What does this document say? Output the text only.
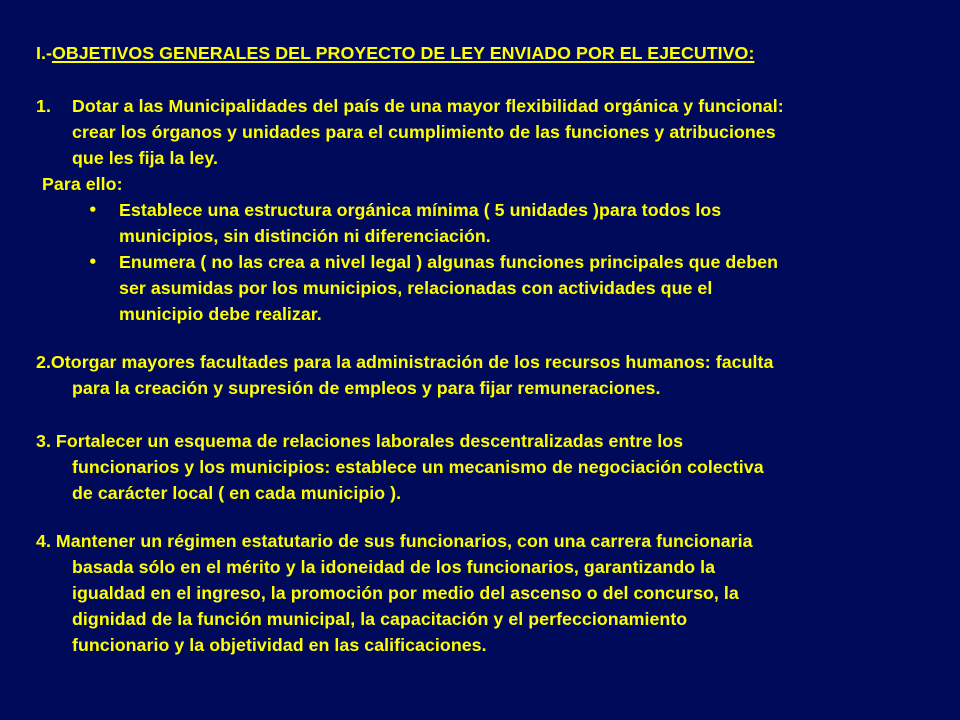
I.-OBJETIVOS GENERALES DEL PROYECTO DE LEY ENVIADO POR EL EJECUTIVO:

1. Dotar a las Municipalidades del país de una mayor flexibilidad orgánica y funcional:

crear los órganos y unidades para el cumplimiento de las funciones y atribuciones

que les fija la ley.

Para ello:

• Establece una estructura orgánica mínima ( 5 unidades )para todos los

municipios, sin distinción ni diferenciación.

• Enumera ( no las crea a nivel legal ) algunas funciones principales que deben

ser asumidas por los municipios, relacionadas con actividades que el

municipio debe realizar.

2.Otorgar mayores facultades para la administración de los recursos humanos: faculta

para la creación y supresión de empleos y para fijar remuneraciones.

3. Fortalecer un esquema de relaciones laborales descentralizadas entre los

funcionarios y los municipios: establece un mecanismo de negociación colectiva

de carácter local ( en cada municipio ).

4. Mantener un régimen estatutario de sus funcionarios, con una carrera funcionaria

basada sólo en el mérito y la idoneidad de los funcionarios, garantizando la

igualdad en el ingreso, la promoción por medio del ascenso o del concurso, la

dignidad de la función municipal, la capacitación y el perfeccionamiento

funcionario y la objetividad en las calificaciones.
